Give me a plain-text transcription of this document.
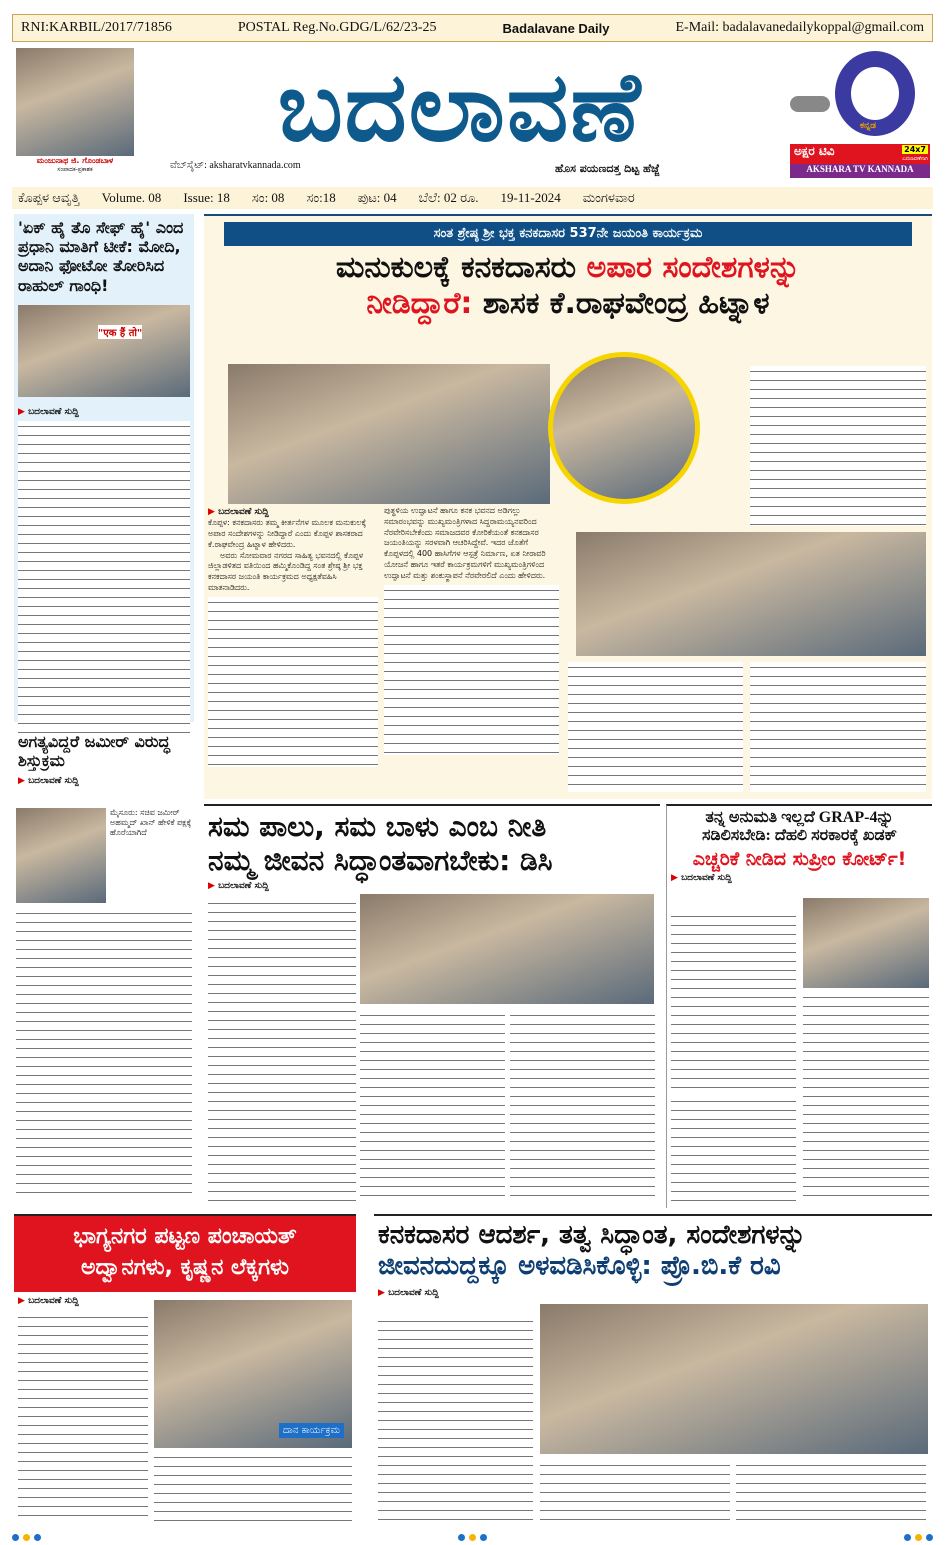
RNI:KARBIL/2017/71856	POSTAL Reg.No.GDG/L/62/23-25	Badalavane Daily	E-Mail: badalavanedailykoppal@gmail.com
ಮಂಜುನಾಥ ಜಿ. ಗೊಂಡಬಾಳ
ಸಂಪಾದಕ-ಪ್ರಕಾಶಕ
ಬದಲಾವಣೆ
ವೆಬ್‌ಸೈಟ್: aksharatvkannada.com	ಹೊಸ ಪಯಣದತ್ತ ದಿಟ್ಟ ಹೆಜ್ಜೆ
ಕನ್ನಡ
ಅಕ್ಷರ ಟಿವಿ	24x7
ಬದಲಾವಣೆಗಾಗಿ
AKSHARA TV KANNADA
ಕೊಪ್ಪಳ ಆವೃತ್ತಿ Volume. 08 Issue: 18 ಸಂ: 08 ಸಂ:18 ಪುಟ: 04 ಬೆಲೆ: 02 ರೂ. 19-11-2024 ಮಂಗಳವಾರ
'ಏಕ್ ಹೈ ತೊ ಸೇಫ್ ಹೈ' ಎಂದ ಪ್ರಧಾನಿ ಮಾತಿಗೆ ಟೀಕೆ: ಮೋದಿ, ಅದಾನಿ ಫೋಟೋ ತೋರಿಸಿದ ರಾಹುಲ್ ಗಾಂಧಿ!
"एक हैं तो"
▶ ಬದಲಾವಣೆ ಸುದ್ದಿ
ಅಗತ್ಯವಿದ್ದರೆ ಜಮೀರ್ ವಿರುದ್ಧ ಶಿಸ್ತುಕ್ರಮ
▶ ಬದಲಾವಣೆ ಸುದ್ದಿ
ಮೈಸೂರು: ಸಚಿವ ಜಮೀರ್ ಅಹಮ್ಮದ್ ಖಾನ್ ಹೇಳಿಕೆ ಪಕ್ಷಕ್ಕೆ ಹೊರೆಯಾಗಿದೆ
ಸಂತ ಶ್ರೇಷ್ಠ ಶ್ರೀ ಭಕ್ತ ಕನಕದಾಸರ 537ನೇ ಜಯಂತಿ ಕಾರ್ಯಕ್ರಮ
ಮನುಕುಲಕ್ಕೆ ಕನಕದಾಸರು ಅಪಾರ ಸಂದೇಶಗಳನ್ನು
ನೀಡಿದ್ದಾರೆ: ಶಾಸಕ ಕೆ.ರಾಘವೇಂದ್ರ ಹಿಟ್ನಾಳ
▶ ಬದಲಾವಣೆ ಸುದ್ದಿ

ಕೊಪ್ಪಳ: ಕನಕದಾಸರು ತಮ್ಮ ಕೀರ್ತನೆಗಳ ಮೂಲಕ ಮನುಕುಲಕ್ಕೆ ಅಪಾರ ಸಂದೇಶಗಳನ್ನು ನೀಡಿದ್ದಾರೆ ಎಂದು ಕೊಪ್ಪಳ ಶಾಸಕರಾದ ಕೆ.ರಾಘವೇಂದ್ರ ಹಿಟ್ನಾಳ ಹೇಳಿದರು.

ಅವರು ಸೋಮವಾರ ನಗರದ ಸಾಹಿತ್ಯ ಭವನದಲ್ಲಿ ಕೊಪ್ಪಳ ಜಿಲ್ಲಾಡಳಿತದ ವತಿಯಿಂದ ಹಮ್ಮಿಕೊಂಡಿದ್ದ ಸಂತ ಶ್ರೇಷ್ಠ ಶ್ರೀ ಭಕ್ತ ಕನಕದಾಸರ ಜಯಂತಿ ಕಾರ್ಯಕ್ರಮದ ಅಧ್ಯಕ್ಷತೆವಹಿಸಿ ಮಾತನಾಡಿದರು.

ಪುತ್ಥಳಿಯ ಉದ್ಘಾಟನೆ ಹಾಗೂ ಕನಕ ಭವನದ ಅಡಿಗಲ್ಲು ಸಮಾರಂಭವನ್ನು ಮುಖ್ಯಮಂತ್ರಿಗಳಾದ ಸಿದ್ದರಾಮಯ್ಯನವರಿಂದ ನೆರವೇರಿಸಬೇಕೆಂದು ಸಮಾಜದವರ ಕೋರಿಕೆಯಂತೆ ಕನಕದಾಸರ ಜಯಂತಿಯನ್ನು ಸರಳವಾಗಿ ಆಚರಿಸಿದ್ದೇವೆ. ಇದರ ಜೊತೆಗೆ ಕೊಪ್ಪಳದಲ್ಲಿ 400 ಹಾಸಿಗೆಗಳ ಆಸ್ಪತ್ರೆ ನಿರ್ಮಾಣ, ಏತ ನೀರಾವರಿ ಯೋಜನೆ ಹಾಗೂ ಇತರೆ ಕಾರ್ಯಕ್ರಮಗಳಿಗೆ ಮುಖ್ಯಮಂತ್ರಿಗಳಿಂದ ಉದ್ಘಾಟನೆ ಮತ್ತು ಶಂಕುಸ್ಥಾಪನೆ ನೆರವೇರಲಿದೆ ಎಂದು ಹೇಳಿದರು.

ಸಮ ಪಾಲು, ಸಮ ಬಾಳು ಎಂಬ ನೀತಿ
ನಮ್ಮ ಜೀವನ ಸಿದ್ಧಾಂತವಾಗಬೇಕು: ಡಿಸಿ
▶ ಬದಲಾವಣೆ ಸುದ್ದಿ
ತನ್ನ ಅನುಮತಿ ಇಲ್ಲದೆ GRAP-4ನ್ನು ಸಡಿಲಿಸಬೇಡಿ: ದೆಹಲಿ ಸರಕಾರಕ್ಕೆ ಖಡಕ್
ಎಚ್ಚರಿಕೆ ನೀಡಿದ ಸುಪ್ರೀಂ ಕೋರ್ಟ್!
▶ ಬದಲಾವಣೆ ಸುದ್ದಿ
ಭಾಗ್ಯನಗರ ಪಟ್ಟಣ ಪಂಚಾಯತ್
ಅದ್ವಾನಗಳು, ಕೃಷ್ಣನ ಲೆಕ್ಕಗಳು
▶ ಬದಲಾವಣೆ ಸುದ್ದಿ
ದಾನ ಕಾರ್ಯಕ್ರಮ
ಕನಕದಾಸರ ಆದರ್ಶ, ತತ್ವ ಸಿದ್ಧಾಂತ, ಸಂದೇಶಗಳನ್ನು
ಜೀವನದುದ್ದಕ್ಕೂ ಅಳವಡಿಸಿಕೊಳ್ಳಿ: ಪ್ರೊ.ಬಿ.ಕೆ ರವಿ
▶ ಬದಲಾವಣೆ ಸುದ್ದಿ
